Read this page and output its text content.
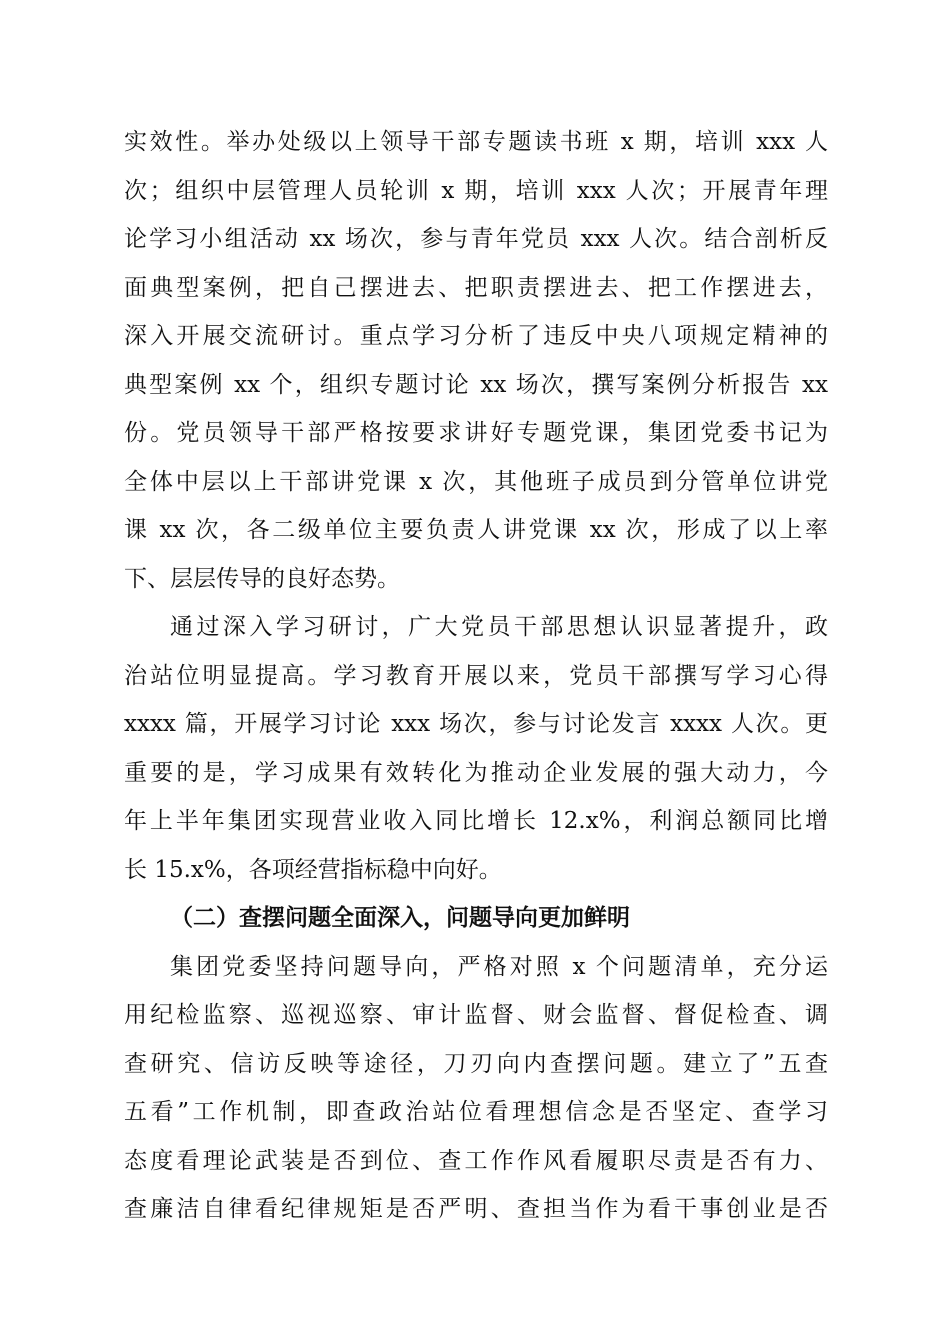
实效性。举办处级以上领导干部专题读书班 x 期，培训 xxx 人
次；组织中层管理人员轮训 x 期，培训 xxx 人次；开展青年理
论学习小组活动 xx 场次，参与青年党员 xxx 人次。结合剖析反
面典型案例，把自己摆进去、把职责摆进去、把工作摆进去，
深入开展交流研讨。重点学习分析了违反中央八项规定精神的
典型案例 xx 个，组织专题讨论 xx 场次，撰写案例分析报告 xx
份。党员领导干部严格按要求讲好专题党课，集团党委书记为
全体中层以上干部讲党课 x 次，其他班子成员到分管单位讲党
课 xx 次，各二级单位主要负责人讲党课 xx 次，形成了以上率
下、层层传导的良好态势。
通过深入学习研讨，广大党员干部思想认识显著提升，政
治站位明显提高。学习教育开展以来，党员干部撰写学习心得
xxxx 篇，开展学习讨论 xxx 场次，参与讨论发言 xxxx 人次。更
重要的是，学习成果有效转化为推动企业发展的强大动力，今
年上半年集团实现营业收入同比增长 12.x%，利润总额同比增
长 15.x%，各项经营指标稳中向好。
（二）查摆问题全面深入，问题导向更加鲜明
集团党委坚持问题导向，严格对照 x 个问题清单，充分运
用纪检监察、巡视巡察、审计监督、财会监督、督促检查、调
查研究、信访反映等途径，刀刃向内查摆问题。建立了”五查
五看”工作机制，即查政治站位看理想信念是否坚定、查学习
态度看理论武装是否到位、查工作作风看履职尽责是否有力、
查廉洁自律看纪律规矩是否严明、查担当作为看干事创业是否
